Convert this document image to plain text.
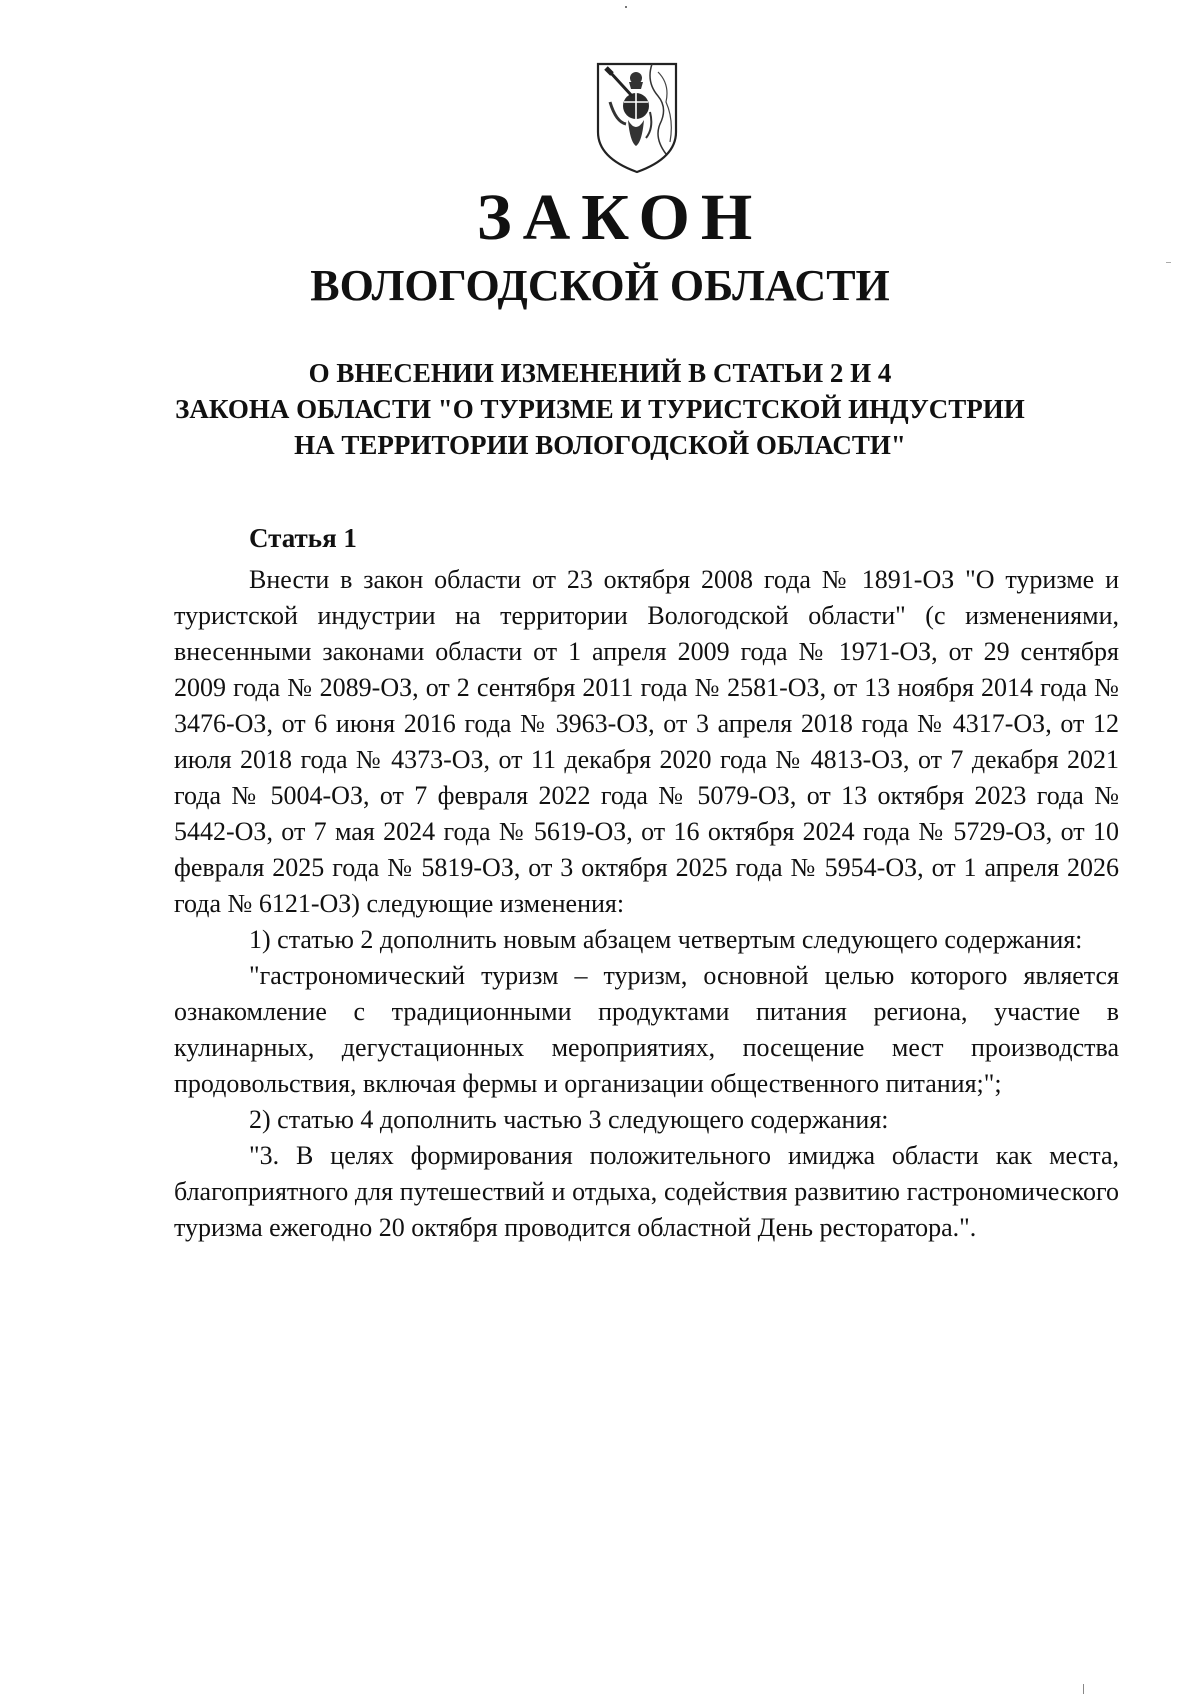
ЗАКОН
ВОЛОГОДСКОЙ ОБЛАСТИ
О ВНЕСЕНИИ ИЗМЕНЕНИЙ В СТАТЬИ 2 И 4
ЗАКОНА ОБЛАСТИ "О ТУРИЗМЕ И ТУРИСТСКОЙ ИНДУСТРИИ
НА ТЕРРИТОРИИ ВОЛОГОДСКОЙ ОБЛАСТИ"
Статья 1

Внести в закон области от 23 октября 2008 года № 1891-ОЗ "О туризме и туристской индустрии на территории Вологодской области" (с изменениями, внесенными законами области от 1 апреля 2009 года № 1971-ОЗ, от 29 сентября 2009 года № 2089-ОЗ, от 2 сентября 2011 года № 2581-ОЗ, от 13 ноября 2014 года № 3476-ОЗ, от 6 июня 2016 года № 3963-ОЗ, от 3 апреля 2018 года № 4317-ОЗ, от 12 июля 2018 года № 4373-ОЗ, от 11 декабря 2020 года № 4813-ОЗ, от 7 декабря 2021 года № 5004-ОЗ, от 7 февраля 2022 года № 5079-ОЗ, от 13 октября 2023 года № 5442-ОЗ, от 7 мая 2024 года № 5619-ОЗ, от 16 октября 2024 года № 5729-ОЗ, от 10 февраля 2025 года № 5819-ОЗ, от 3 октября 2025 года № 5954-ОЗ, от 1 апреля 2026 года № 6121-ОЗ) следующие изменения:

1) статью 2 дополнить новым абзацем четвертым следующего содержания:

"гастрономический туризм – туризм, основной целью которого является ознакомление с традиционными продуктами питания региона, участие в кулинарных, дегустационных мероприятиях, посещение мест производства продовольствия, включая фермы и организации общественного питания;";

2) статью 4 дополнить частью 3 следующего содержания:

"3. В целях формирования положительного имиджа области как места, благоприятного для путешествий и отдыха, содействия развитию гастрономического туризма ежегодно 20 октября проводится областной День ресторатора.".
